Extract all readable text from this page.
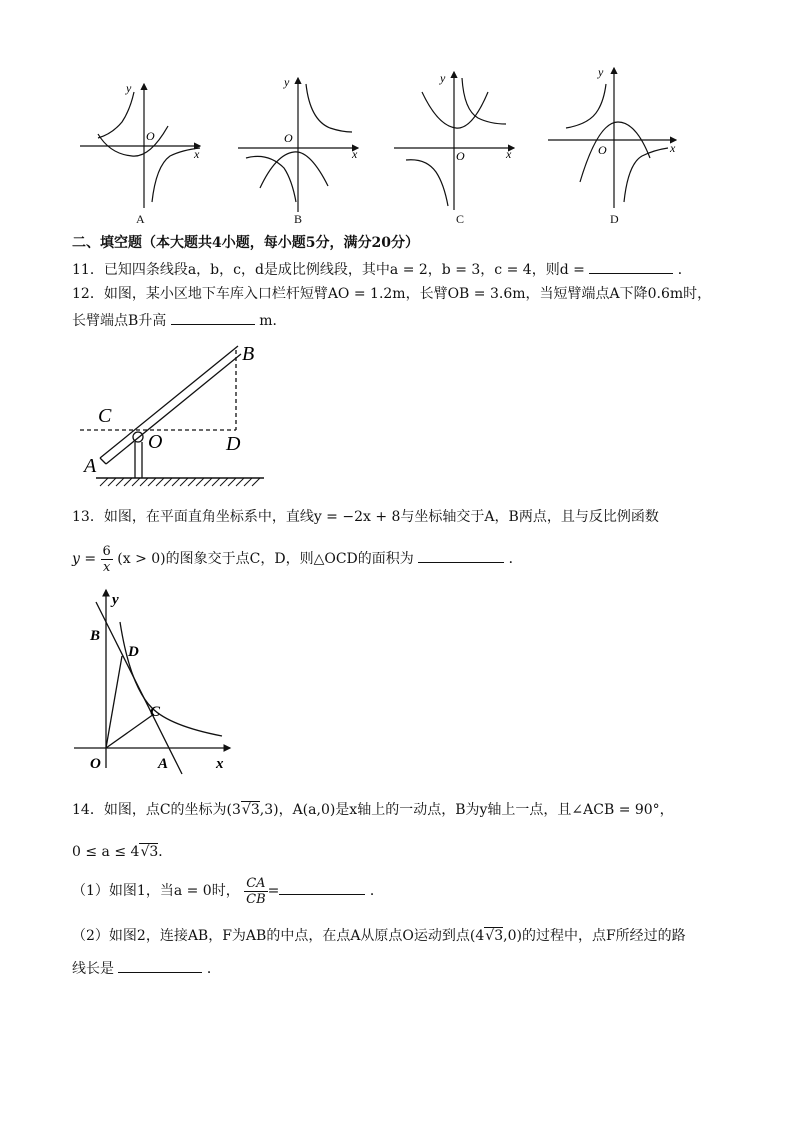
y
O
x
y
O
x
y
O	x
y
O	x
A	B	C	D
二、填空题（本大题共4小题，每小题5分，满分20分）
11．已知四条线段a，b，c，d是成比例线段，其中a = 2，b = 3，c = 4，则d =	．
12．如图，某小区地下车库入口栏杆短臂AO = 1.2m，长臂OB = 3.6m，当短臂端点A下降0.6m时，
长臂端点B升高	m．
B
C
O	D
A
13．如图，在平面直角坐标系中，直线y = −2x + 8与坐标轴交于A，B两点，且与反比例函数
$y = \frac{6}{x} (x > 0)$的图象交于点C，D，则△OCD的面积为	．
y
B
D
C
O	A	x
14．如图，点C的坐标为(3√3,3)，A(a,0)是x轴上的一动点，B为y轴上一点，且∠ACB = 90°，
0 ≤ a ≤ 4√3．
（1）如图1，当a = 0时， $\frac{CA}{CB}$ =	．
（2）如图2，连接AB，F为AB的中点，在点A从原点O运动到点(4√3,0)的过程中，点F所经过的路
线长是	．
